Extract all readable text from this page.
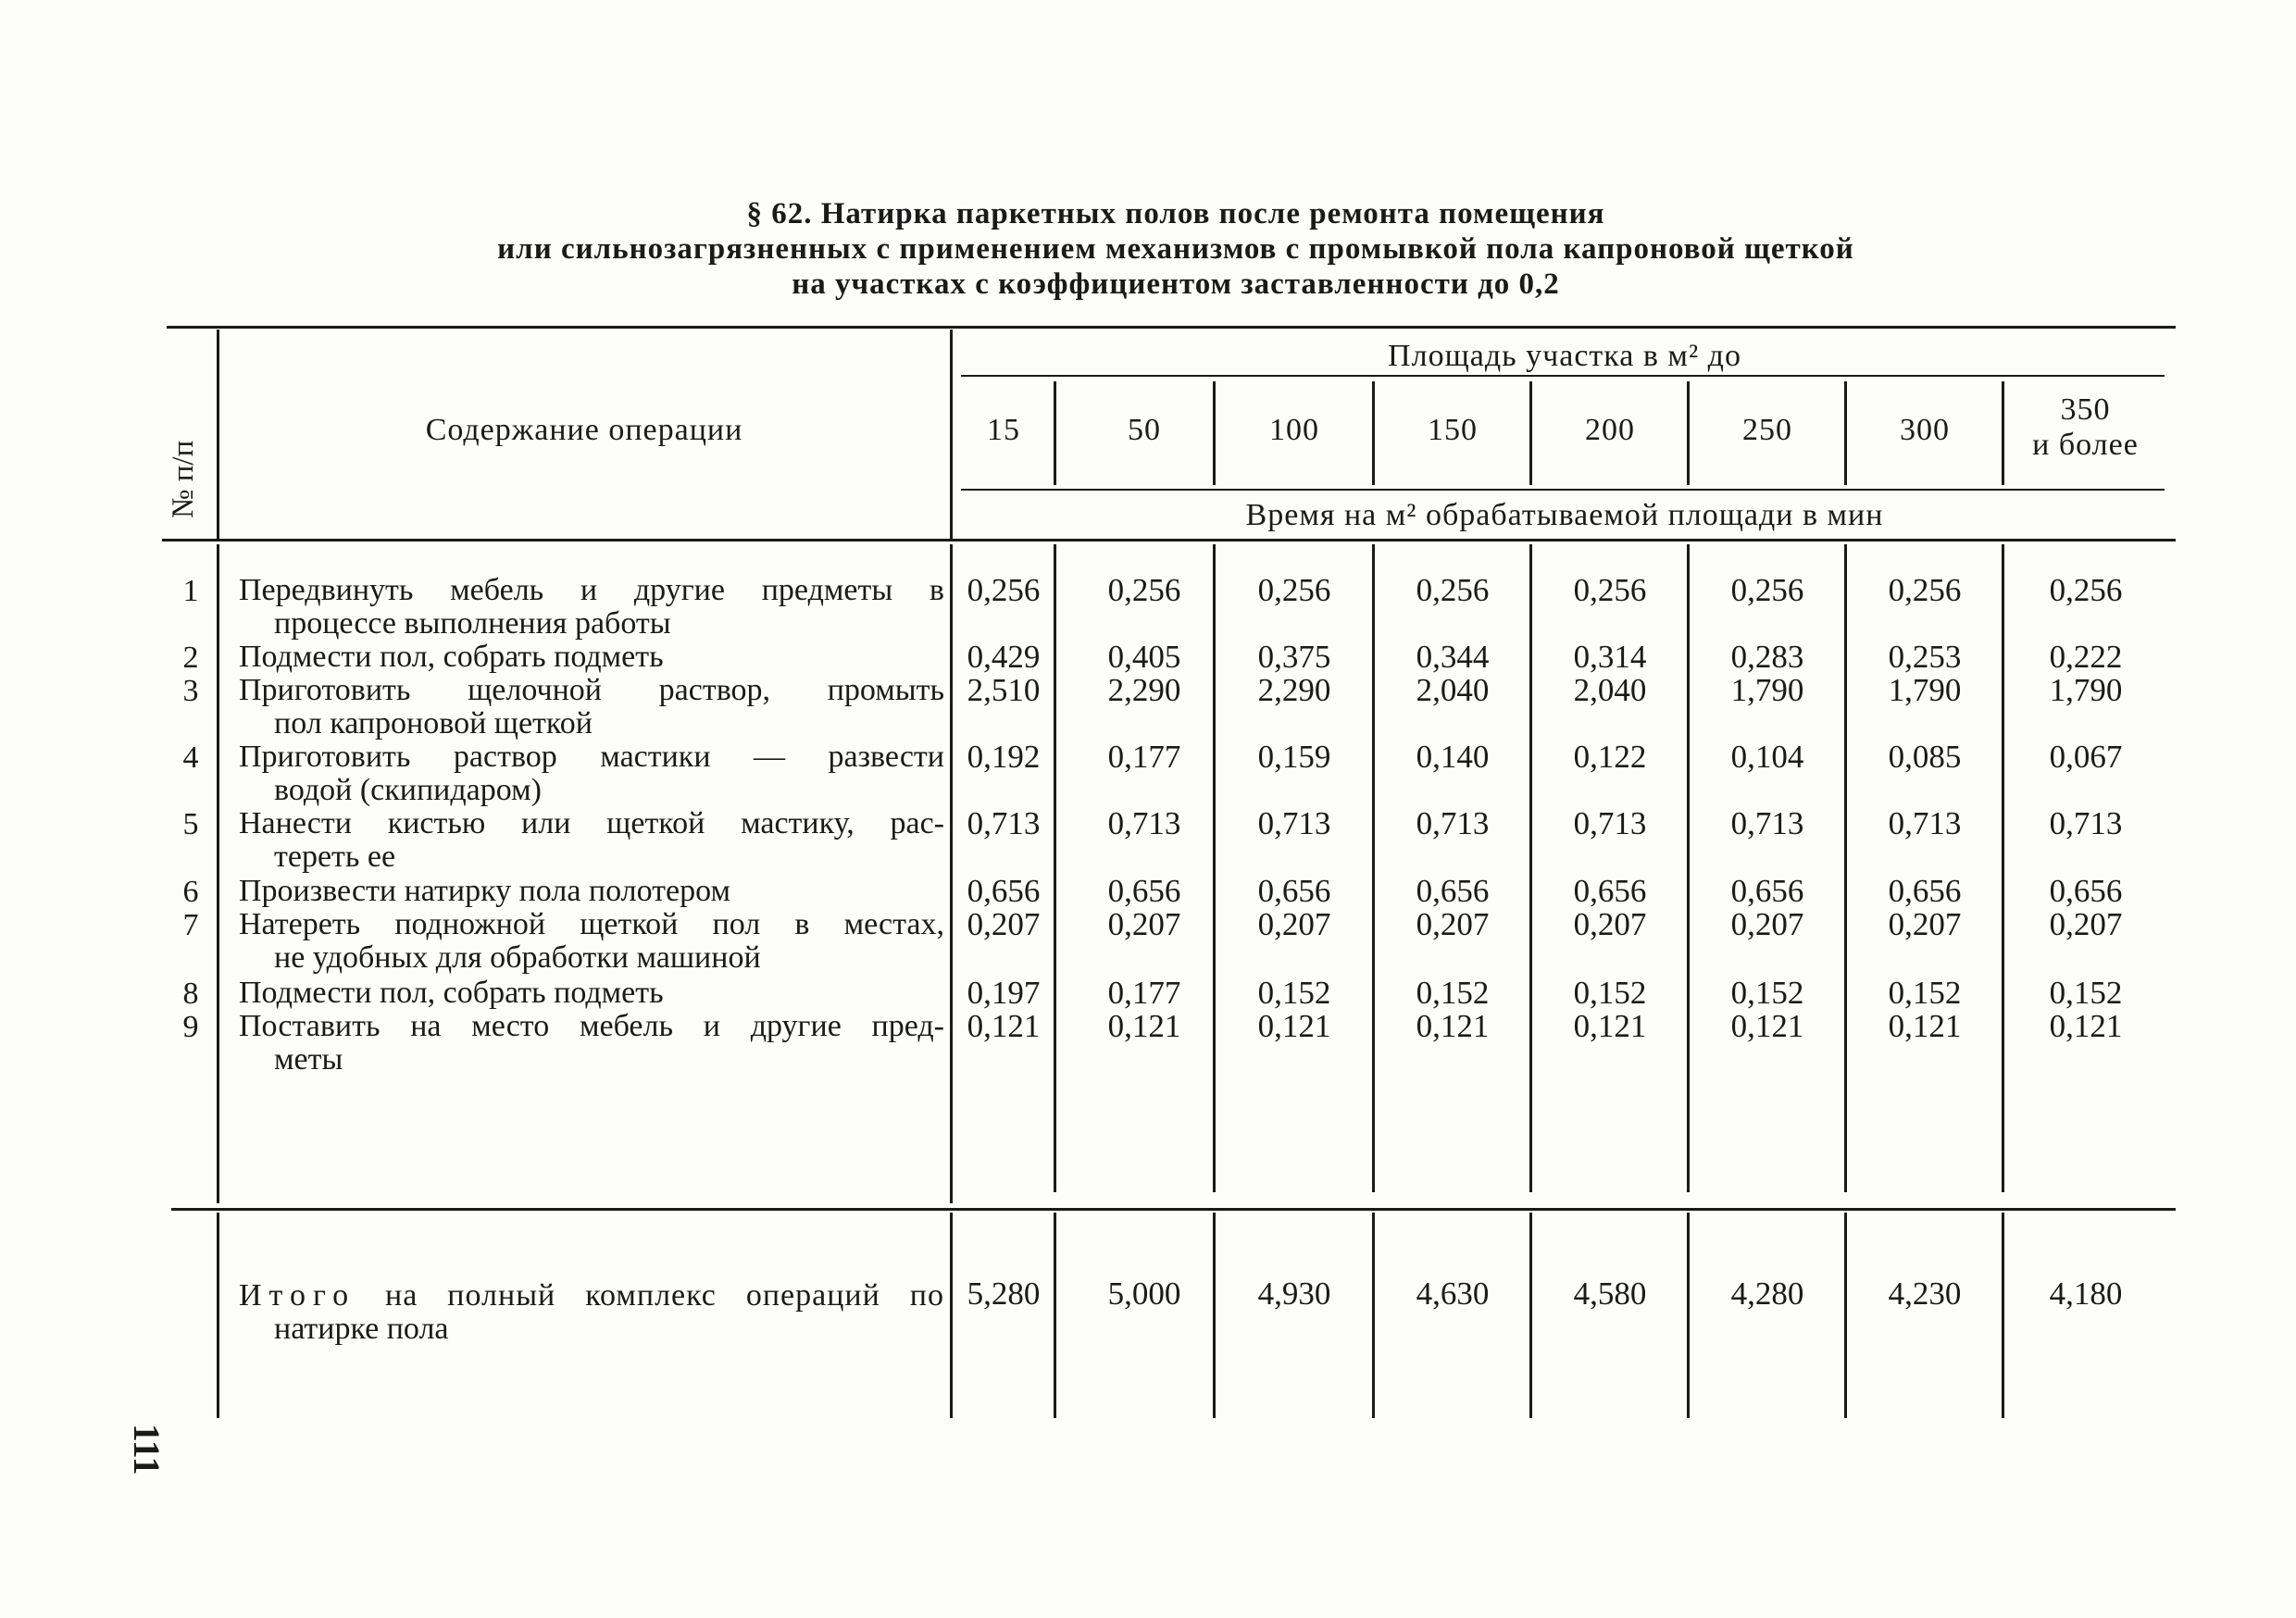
§ 62. Натирка паркетных полов после ремонта помещения
или сильнозагрязненных с применением механизмов с промывкой пола капроновой щеткой
на участках с коэффициентом заставленности до 0,2
№ п/п
Содержание операции
Площадь участка в м² до
Время на м² обрабатываемой площади в мин
15	50	100	150	200	250	300
350
и более
1 Передвинуть мебель и другие предметы в
процессе выполнения работы
0,256	0,256	0,256	0,256	0,256	0,256	0,256	0,256
2 Подмести пол, собрать подметь	0,429	0,405	0,375	0,344	0,314	0,283	0,253	0,222
3 Приготовить щелочной раствор, промыть
пол капроновой щеткой
2,510	2,290	2,290	2,040	2,040	1,790	1,790	1,790
4 Приготовить раствор мастики — развести
водой (скипидаром)
0,192	0,177	0,159	0,140	0,122	0,104	0,085	0,067
5 Нанести кистью или щеткой мастику, рас-
тереть ее
0,713	0,713	0,713	0,713	0,713	0,713	0,713	0,713
6 Произвести натирку пола полотером	0,656	0,656	0,656	0,656	0,656	0,656	0,656	0,656
7 Натереть подножной щеткой пол в местах,
не удобных для обработки машиной
0,207	0,207	0,207	0,207	0,207	0,207	0,207	0,207
8 Подмести пол, собрать подметь	0,197	0,177	0,152	0,152	0,152	0,152	0,152	0,152
9 Поставить на место мебель и другие пред-
меты
0,121	0,121	0,121	0,121	0,121	0,121	0,121	0,121
Итого на полный комплекс операций по
натирке пола
5,280	5,000	4,930	4,630	4,580	4,280	4,230	4,180
111
